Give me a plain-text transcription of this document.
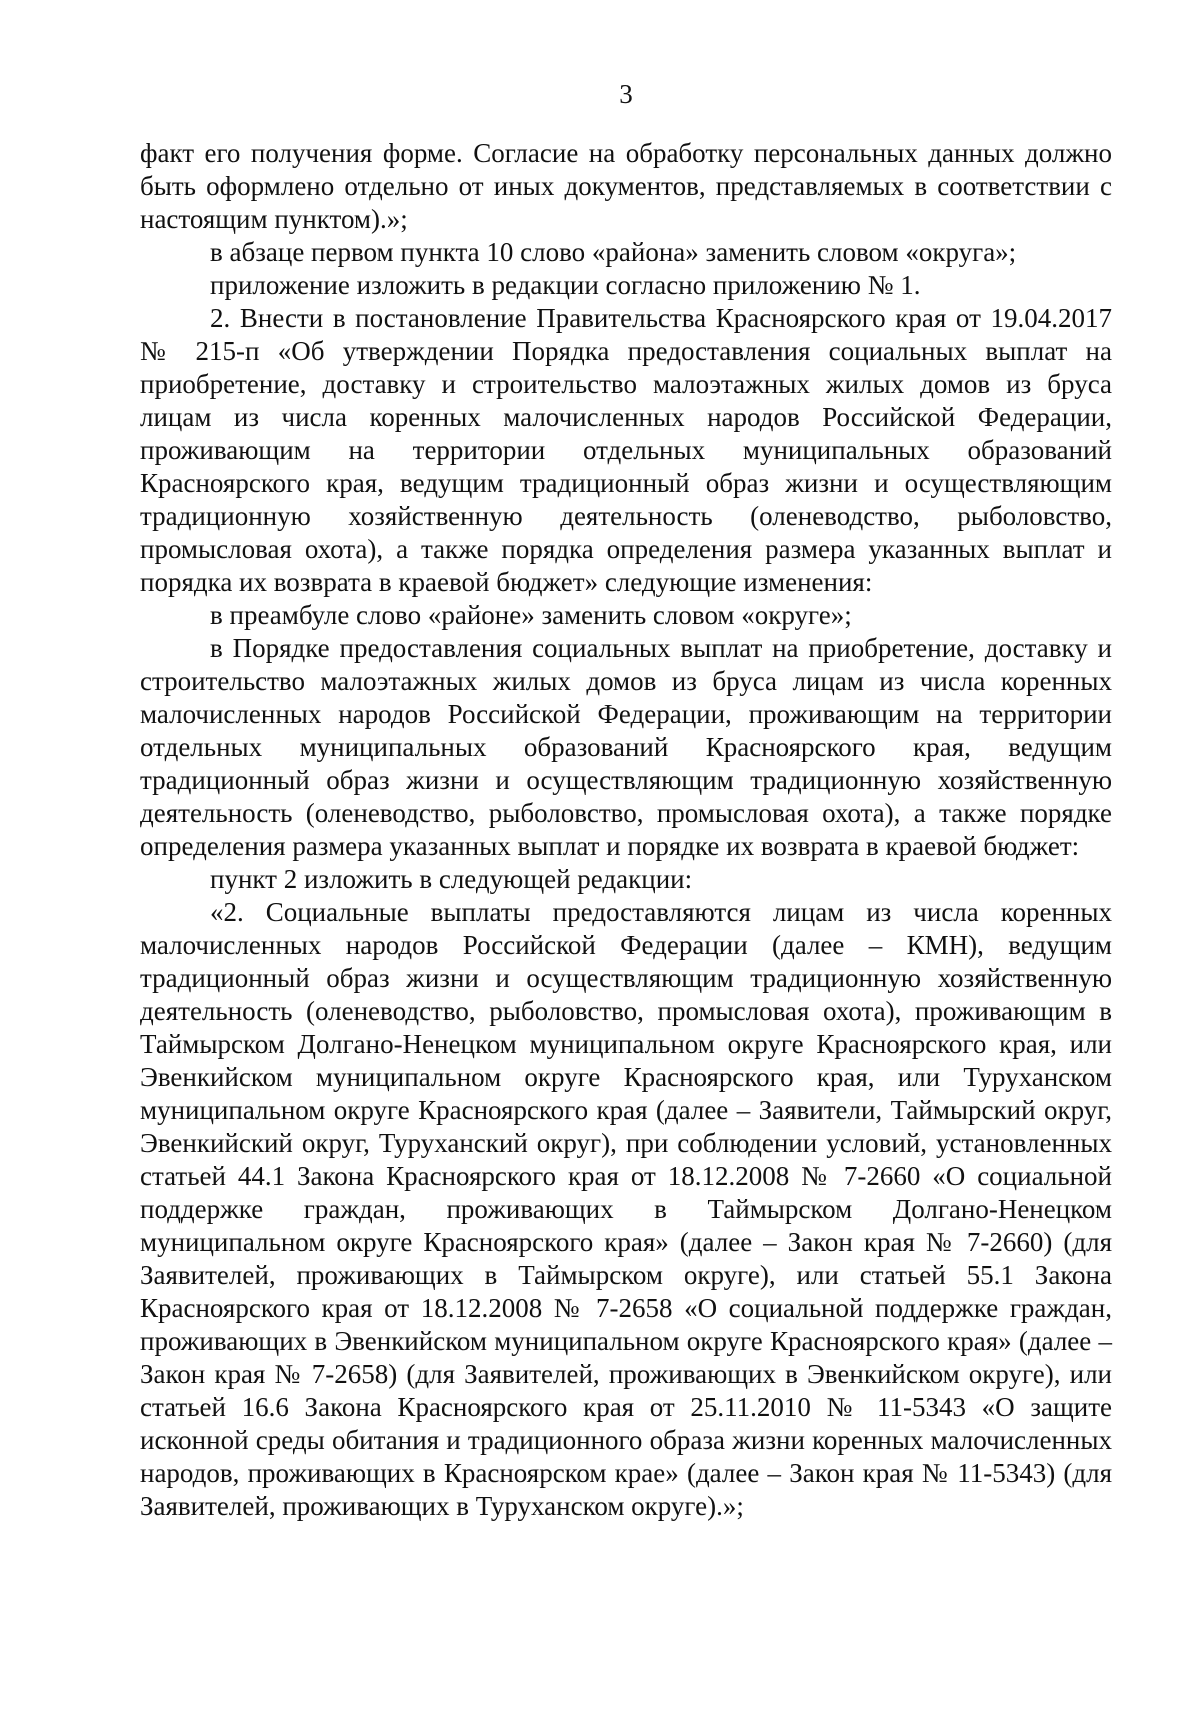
3

факт его получения форме. Согласие на обработку персональных данных должно быть оформлено отдельно от иных документов, представляемых в соответствии с настоящим пунктом).»;

в абзаце первом пункта 10 слово «района» заменить словом «округа»;

приложение изложить в редакции согласно приложению № 1.

2. Внести в постановление Правительства Красноярского края от 19.04.2017 № 215-п «Об утверждении Порядка предоставления социальных выплат на приобретение, доставку и строительство малоэтажных жилых домов из бруса лицам из числа коренных малочисленных народов Российской Федерации, проживающим на территории отдельных муниципальных образований Красноярского края, ведущим традиционный образ жизни и осуществляющим традиционную хозяйственную деятельность (оленеводство, рыболовство, промысловая охота), а также порядка определения размера указанных выплат и порядка их возврата в краевой бюджет» следующие изменения:

в преамбуле слово «районе» заменить словом «округе»;

в Порядке предоставления социальных выплат на приобретение, доставку и строительство малоэтажных жилых домов из бруса лицам из числа коренных малочисленных народов Российской Федерации, проживающим на территории отдельных муниципальных образований Красноярского края, ведущим традиционный образ жизни и осуществляющим традиционную хозяйственную деятельность (оленеводство, рыболовство, промысловая охота), а также порядке определения размера указанных выплат и порядке их возврата в краевой бюджет:

пункт 2 изложить в следующей редакции:

«2. Социальные выплаты предоставляются лицам из числа коренных малочисленных народов Российской Федерации (далее – КМН), ведущим традиционный образ жизни и осуществляющим традиционную хозяйственную деятельность (оленеводство, рыболовство, промысловая охота), проживающим в Таймырском Долгано-Ненецком муниципальном округе Красноярского края, или Эвенкийском муниципальном округе Красноярского края, или Туруханском муниципальном округе Красноярского края (далее – Заявители, Таймырский округ, Эвенкийский округ, Туруханский округ), при соблюдении условий, установленных статьей 44.1 Закона Красноярского края от 18.12.2008 № 7-2660 «О социальной поддержке граждан, проживающих в Таймырском Долгано-Ненецком муниципальном округе Красноярского края» (далее – Закон края № 7-2660) (для Заявителей, проживающих в Таймырском округе), или статьей 55.1 Закона Красноярского края от 18.12.2008 № 7-2658 «О социальной поддержке граждан, проживающих в Эвенкийском муниципальном округе Красноярского края» (далее – Закон края № 7-2658) (для Заявителей, проживающих в Эвенкийском округе), или статьей 16.6 Закона Красноярского края от 25.11.2010 № 11-5343 «О защите исконной среды обитания и традиционного образа жизни коренных малочисленных народов, проживающих в Красноярском крае» (далее – Закон края № 11-5343) (для Заявителей, проживающих в Туруханском округе).»;
